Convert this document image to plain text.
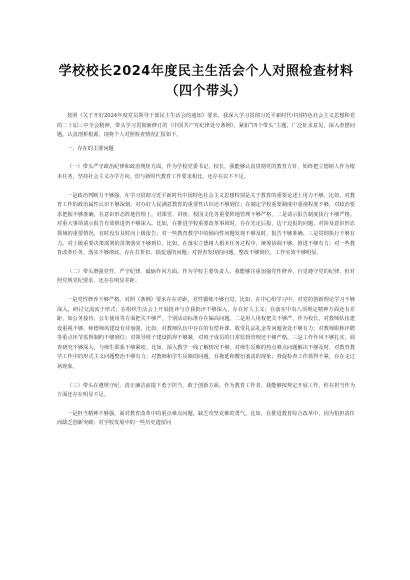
学校校长2024年度民主生活会个人对照检查材料
（四个带头）

按照《关于开好2024年度党员领导干部民主生活会的通知》要求，我深入学习贯彻习近平新时代中国特色社会主义思想和党的二十届三中全会精神，带头学习贯彻新修订的《中国共产党纪律处分条例》，紧扣“四个带头”主题，广泛征求意见，深入查摆问题，认真剖析根源，现将个人对照检查情况汇报如下。

一、存在的主要问题

（一）带头严守政治纪律和政治规矩方面。作为学校党委书记、校长，我能够认真贯彻党的教育方针，始终把立德树人作为根本任务，坚持社会主义办学方向，但与新时代教育工作要求相比，还存在以下不足。

一是政治判断力不够强。在学习贯彻习近平新时代中国特色社会主义思想特别是关于教育的重要论述上用力不够，比如，对教育工作的政治属性认识不够深刻，对办好人民满意教育的重要性认识还不够到位；在制定学校重要制度中重视程度不够，对政治要求把握不够准确，在意识形态阵地管理上，对课堂、讲座、校园文化等重要阵地管理不够严格，二是请示报告制度执行不够严格。对重大事项请示报告有效推进仍不够深入。比如，在推进学校重要改革事项时，存在先定后报、边干边报的问题，对涉及意识形态领域的重要情况，有时没有及时向上级报告；对一些教育教学中的倾向性问题发现不够及时，报告不够准确。三是贯彻执行不够有力。对上级重要决策部署的贯彻落实不够到位，比如，在落实立德树人根本任务过程中，统筹协调不够，推进不够有力；对一些教育改革任务，落实不够彻底，存在打折扣、搞变通的问题；对督查发现的问题，整改不够到位，工作实效不够明显。

（二）带头增强党性、严守纪律、砥砺作风方面。作为学校主要负责人，我能够注重加强党性修养，自觉遵守党的纪律，但对照党规党纪要求，还存在明显差距。

一是党性修养不够严格。对照《条例》要求存在差距，党性锻炼不够自觉，比如，在中心组学习中，对党的创新理论学习不够深入，研讨交流流于形式；在组织生活会上开展批评与自我批评不够深入，存在好人主义；在落实中央八项规定精神方面还有差距，如公务接待、公车使用等方面把关不够严，个别活动标准存在偏高问题。二是用人用权把关不够严。作为校长，对教师队伍建设重视不够，师德师风建设有待加强，比如，对教师队伍中存在的有偿补课、收受礼品礼金等问题查处不够有力；对教师职称评聘等重点环节监督制约不够到位；对领导班子建设抓得不够紧，对班子成员的日常监督管理还不够严格。三是工作作风不够扎实。调查研究不够深入，与师生联系不够紧密。比如，深入教学一线了解情况不够，对师生反映的热点难点问题解决不够及时，对教育教学工作中的形式主义问题整治不够有力；对教师和学生反映的问题，有拖延和敷衍塞责的现象；督促检查工作抓得不紧，存在走过场现象。

（三）带头在遵规守纪、清正廉洁前提下勇于担当、敢于创新方面。作为教育工作者，我能够按规定开展工作，但在担当作为方面还存在明显不足。

一是担当精神不够强。面对教育改革中的重点难点问题，缺乏攻坚克难的勇气。比如，在推进教育综合改革中，因为怕担责任而缺乏创新突破；对学校发展中的一些历史遗留问
